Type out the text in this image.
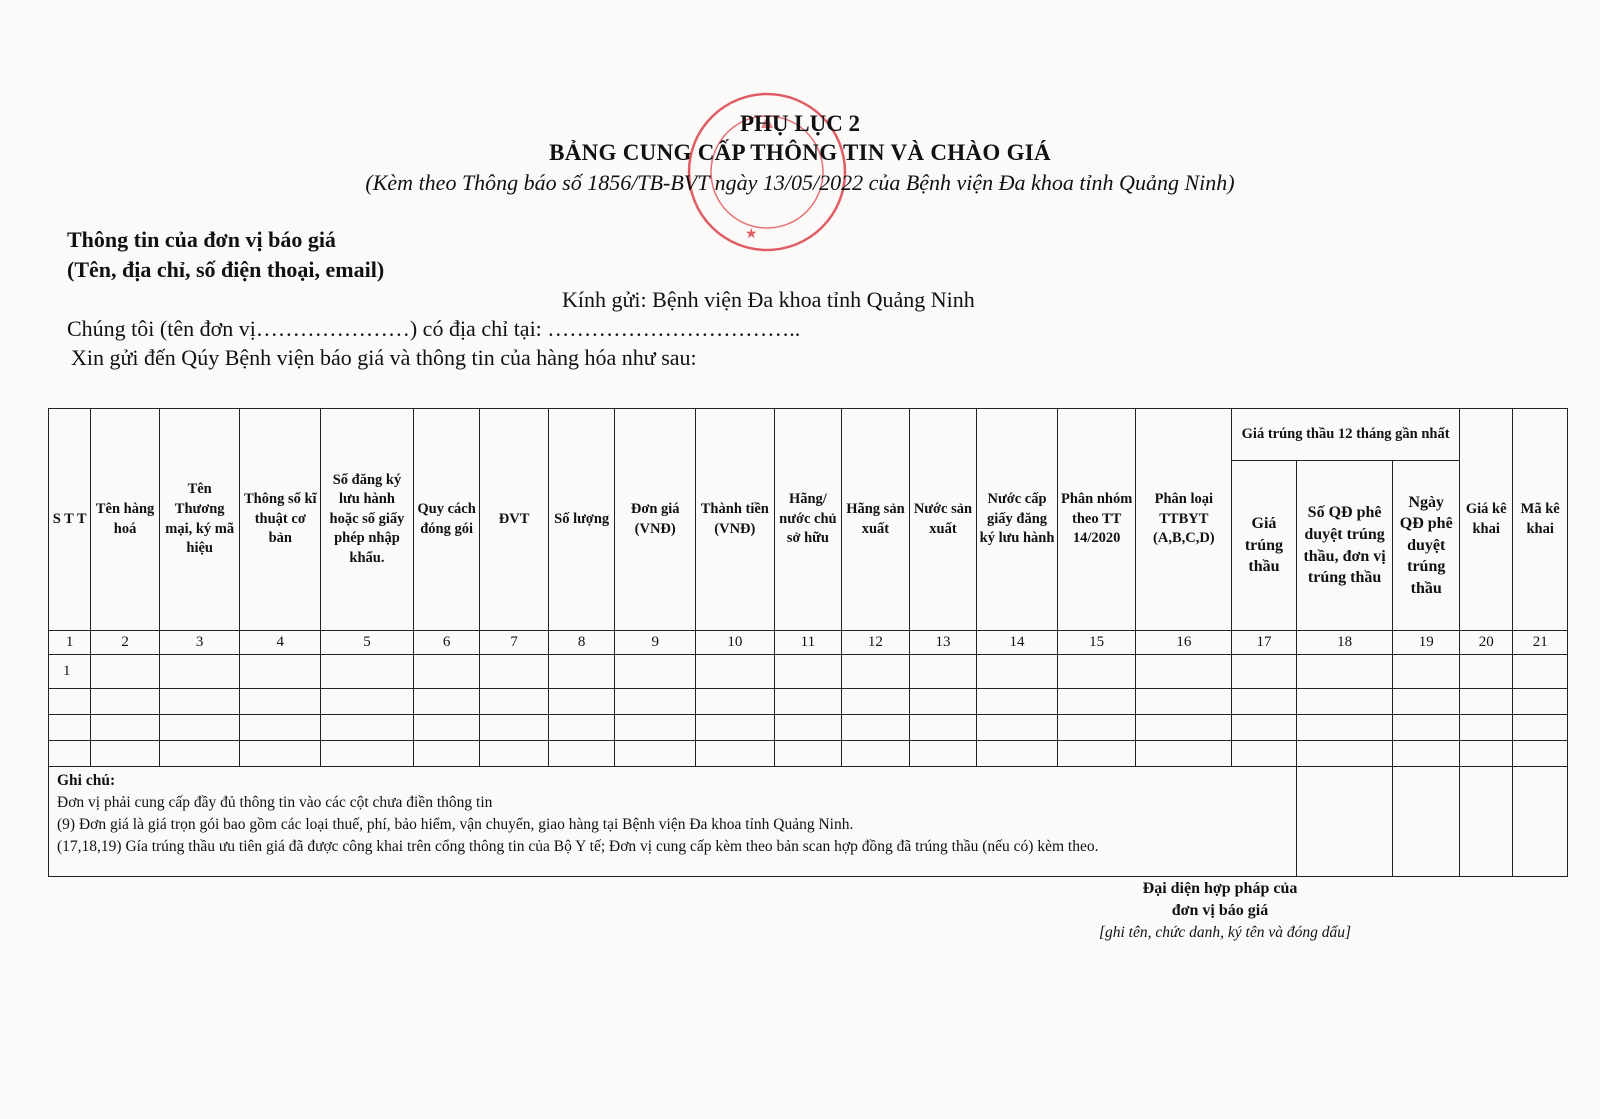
★
PHỤ LỤC 2
BẢNG CUNG CẤP THÔNG TIN VÀ CHÀO GIÁ
(Kèm theo Thông báo số 1856/TB-BVT ngày 13/05/2022 của Bệnh viện Đa khoa tỉnh Quảng Ninh)
Thông tin của đơn vị báo giá
(Tên, địa chỉ, số điện thoại, email)
Kính gửi: Bệnh viện Đa khoa tỉnh Quảng Ninh
Chúng tôi (tên đơn vị…………………) có địa chỉ tại: ……………………………..
Xin gửi đến Qúy Bệnh viện báo giá và thông tin của hàng hóa như sau:
S T T	Tên hàng hoá	Tên Thương mại, ký mã hiệu	Thông số kĩ thuật cơ bản	Số đăng ký lưu hành hoặc số giấy phép nhập khẩu.	Quy cách đóng gói	ĐVT	Số lượng	Đơn giá (VNĐ)	Thành tiền (VNĐ)	Hãng/ nước chủ sở hữu	Hãng sản xuất	Nước sản xuất	Nước cấp giấy đăng ký lưu hành	Phân nhóm theo TT 14/2020	Phân loại TTBYT (A,B,C,D)	Giá trúng thầu 12 tháng gần nhất			Giá kê khai	Mã kê khai
																Giá trúng thầu	Số QĐ phê duyệt trúng thầu, đơn vị trúng thầu	Ngày QĐ phê duyệt trúng thầu		
1	2	3	4	5	6	7	8	9	10	11	12	13	14	15	16	17	18	19	20	21
1																				

Ghi chú:
Đơn vị phải cung cấp đầy đủ thông tin vào các cột chưa điền thông tin
(9) Đơn giá là giá trọn gói bao gồm các loại thuế, phí, bảo hiểm, vận chuyển, giao hàng tại Bệnh viện Đa khoa tỉnh Quảng Ninh.
(17,18,19) Gía trúng thầu ưu tiên giá đã được công khai trên cổng thông tin của Bộ Y tế; Đơn vị cung cấp kèm theo bản scan hợp đồng đã trúng thầu (nếu có) kèm theo.																				

Đại diện hợp pháp của
đơn vị báo giá
[ghi tên, chức danh, ký tên và đóng dấu]
